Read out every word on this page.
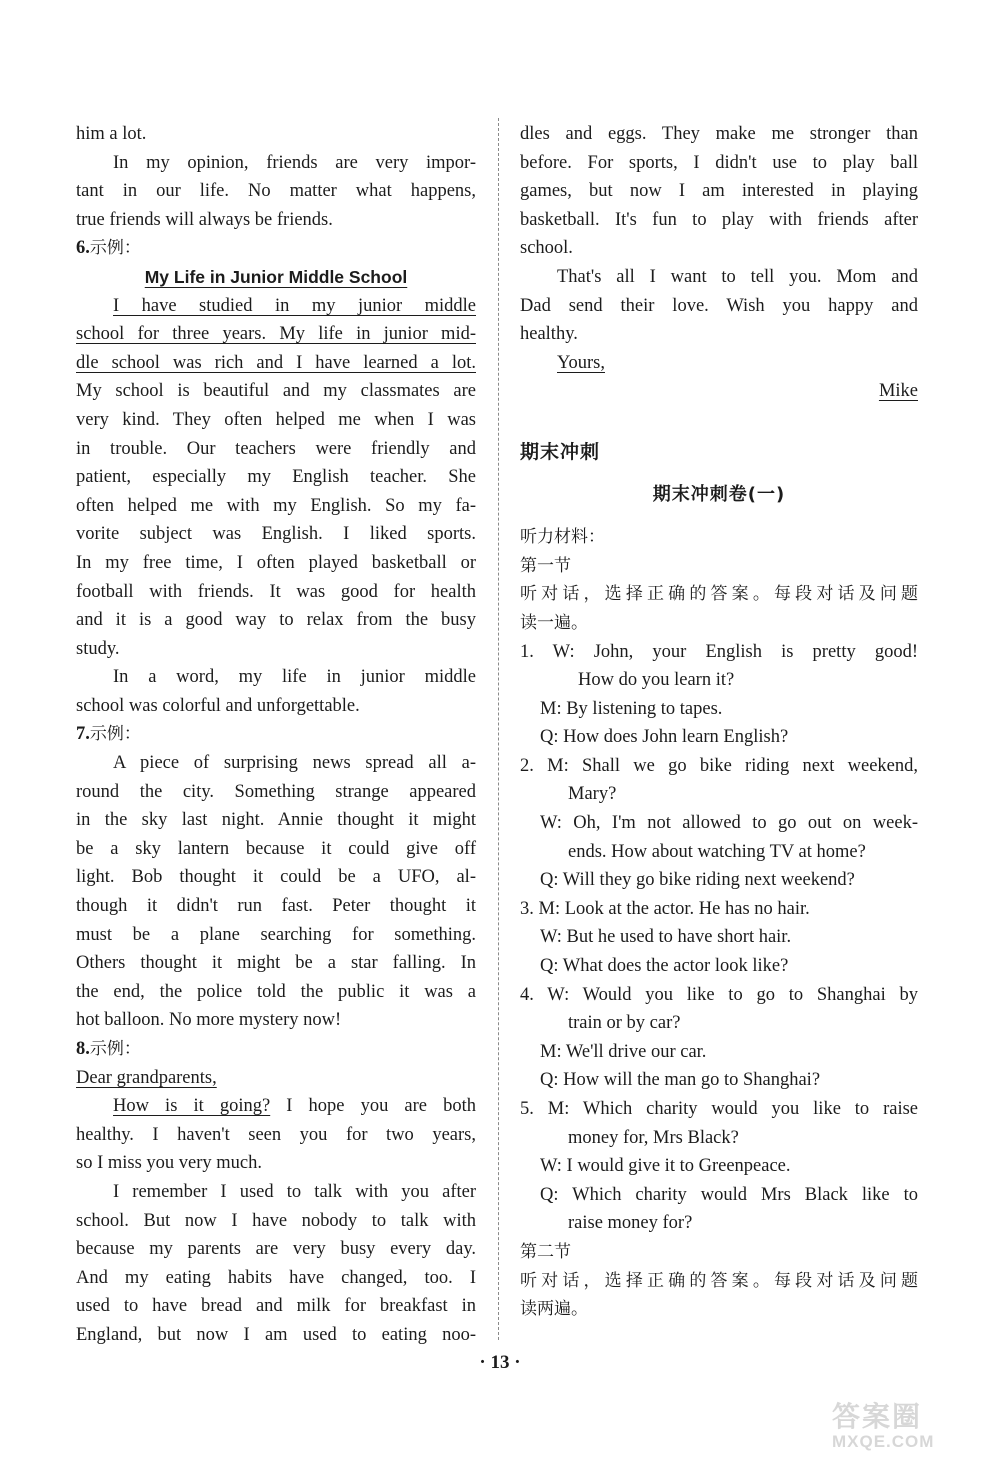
him a lot.

In my opinion, friends are very impor-

tant in our life. No matter what happens,

true friends will always be friends.

6.示例：

My Life in Junior Middle School

I have studied in my junior middle

school for three years. My life in junior mid-

dle school was rich and I have learned a lot.

My school is beautiful and my classmates are

very kind. They often helped me when I was

in trouble. Our teachers were friendly and

patient, especially my English teacher. She

often helped me with my English. So my fa-

vorite subject was English. I liked sports.

In my free time, I often played basketball or

football with friends. It was good for health

and it is a good way to relax from the busy

study.

In a word, my life in junior middle

school was colorful and unforgettable.

7.示例：

A piece of surprising news spread all a-

round the city. Something strange appeared

in the sky last night. Annie thought it might

be a sky lantern because it could give off

light. Bob thought it could be a UFO, al-

though it didn't run fast. Peter thought it

must be a plane searching for something.

Others thought it might be a star falling. In

the end, the police told the public it was a

hot balloon. No more mystery now!

8.示例：

Dear grandparents,

How is it going? I hope you are both

healthy. I haven't seen you for two years,

so I miss you very much.

I remember I used to talk with you after

school. But now I have nobody to talk with

because my parents are very busy every day.

And my eating habits have changed, too. I

used to have bread and milk for breakfast in

England, but now I am used to eating noo-

dles and eggs. They make me stronger than

before. For sports, I didn't use to play ball

games, but now I am interested in playing

basketball. It's fun to play with friends after

school.

That's all I want to tell you. Mom and

Dad send their love. Wish you happy and

healthy.

Yours,

Mike

期末冲刺
期末冲刺卷(一)

听力材料：

第一节

听对话，选择正确的答案。每段对话及问题

读一遍。

1. W: John, your English is pretty good!

How do you learn it?

M: By listening to tapes.

Q: How does John learn English?

2. M: Shall we go bike riding next weekend,

Mary?

W: Oh, I'm not allowed to go out on week-

ends. How about watching TV at home?

Q: Will they go bike riding next weekend?

3. M: Look at the actor. He has no hair.

W: But he used to have short hair.

Q: What does the actor look like?

4. W: Would you like to go to Shanghai by

train or by car?

M: We'll drive our car.

Q: How will the man go to Shanghai?

5. M: Which charity would you like to raise

money for, Mrs Black?

W: I would give it to Greenpeace.

Q: Which charity would Mrs Black like to

raise money for?

第二节

听对话，选择正确的答案。每段对话及问题

读两遍。

· 13 ·
答案圈
MXQE.COM
